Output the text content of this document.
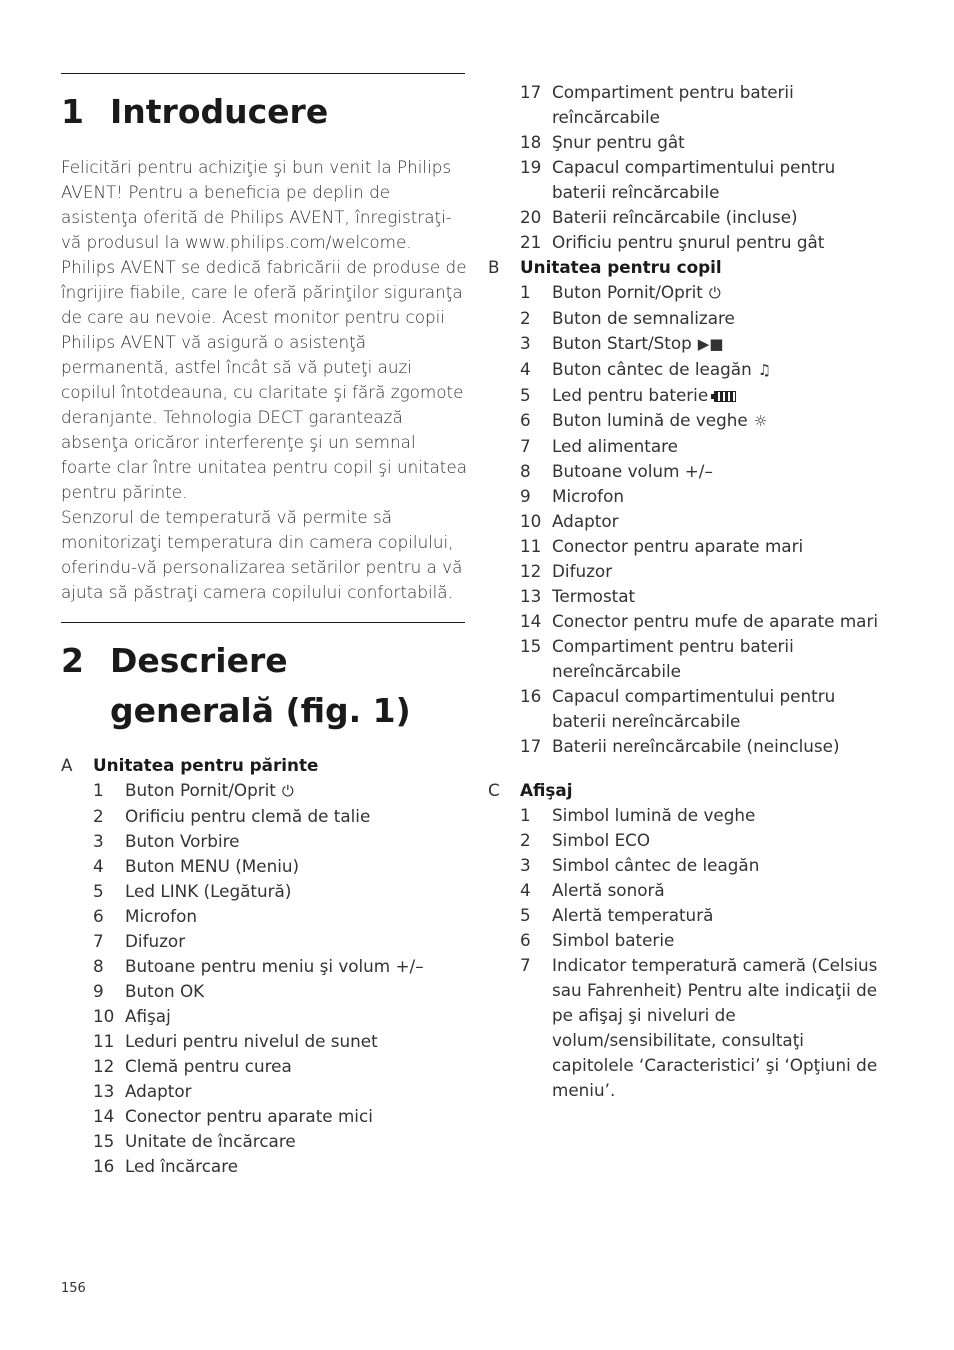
1 Introducere

Felicitări pentru achiziţie şi bun venit la Philips AVENT! Pentru a beneficia pe deplin de asistenţa oferită de Philips AVENT, înregistraţi-vă produsul la www.philips.com/welcome.

Philips AVENT se dedică fabricării de produse de îngrijire fiabile, care le oferă părinţilor siguranţa de care au nevoie. Acest monitor pentru copii Philips AVENT vă asigură o asistenţă permanentă, astfel încât să vă puteţi auzi copilul întotdeauna, cu claritate şi fără zgomote deranjante. Tehnologia DECT garantează absenţa oricăror interferenţe şi un semnal foarte clar între unitatea pentru copil şi unitatea pentru părinte.

Senzorul de temperatură vă permite să monitorizaţi temperatura din camera copilului, oferindu-vă personalizarea setărilor pentru a vă ajuta să păstraţi camera copilului confortabilă.

2 Descriere generală (fig. 1)
A Unitatea pentru părinte
1 Buton Pornit/Oprit ⏻
2 Orificiu pentru clemă de talie
3 Buton Vorbire
4 Buton MENU (Meniu)
5 Led LINK (Legătură)
6 Microfon
7 Difuzor
8 Butoane pentru meniu şi volum +/–
9 Buton OK
10 Afişaj
11 Leduri pentru nivelul de sunet
12 Clemă pentru curea
13 Adaptor
14 Conector pentru aparate mici
15 Unitate de încărcare
16 Led încărcare
17 Compartiment pentru baterii reîncărcabile
18 Şnur pentru gât
19 Capacul compartimentului pentru baterii reîncărcabile
20 Baterii reîncărcabile (incluse)
21 Orificiu pentru şnurul pentru gât
B Unitatea pentru copil
1 Buton Pornit/Oprit ⏻
2 Buton de semnalizare
3 Buton Start/Stop ▶■
4 Buton cântec de leagăn ♫
5 Led pentru baterie
6 Buton lumină de veghe ☼
7 Led alimentare
8 Butoane volum +/–
9 Microfon
10 Adaptor
11 Conector pentru aparate mari
12 Difuzor
13 Termostat
14 Conector pentru mufe de aparate mari
15 Compartiment pentru baterii nereîncărcabile
16 Capacul compartimentului pentru baterii nereîncărcabile
17 Baterii nereîncărcabile (neincluse)
C Afişaj
1 Simbol lumină de veghe
2 Simbol ECO
3 Simbol cântec de leagăn
4 Alertă sonoră
5 Alertă temperatură
6 Simbol baterie
7 Indicator temperatură cameră (Celsius sau Fahrenheit) Pentru alte indicaţii de pe afişaj şi niveluri de volum/sensibilitate, consultaţi capitolele ‘Caracteristici’ şi ‘Opţiuni de meniu’.
156
